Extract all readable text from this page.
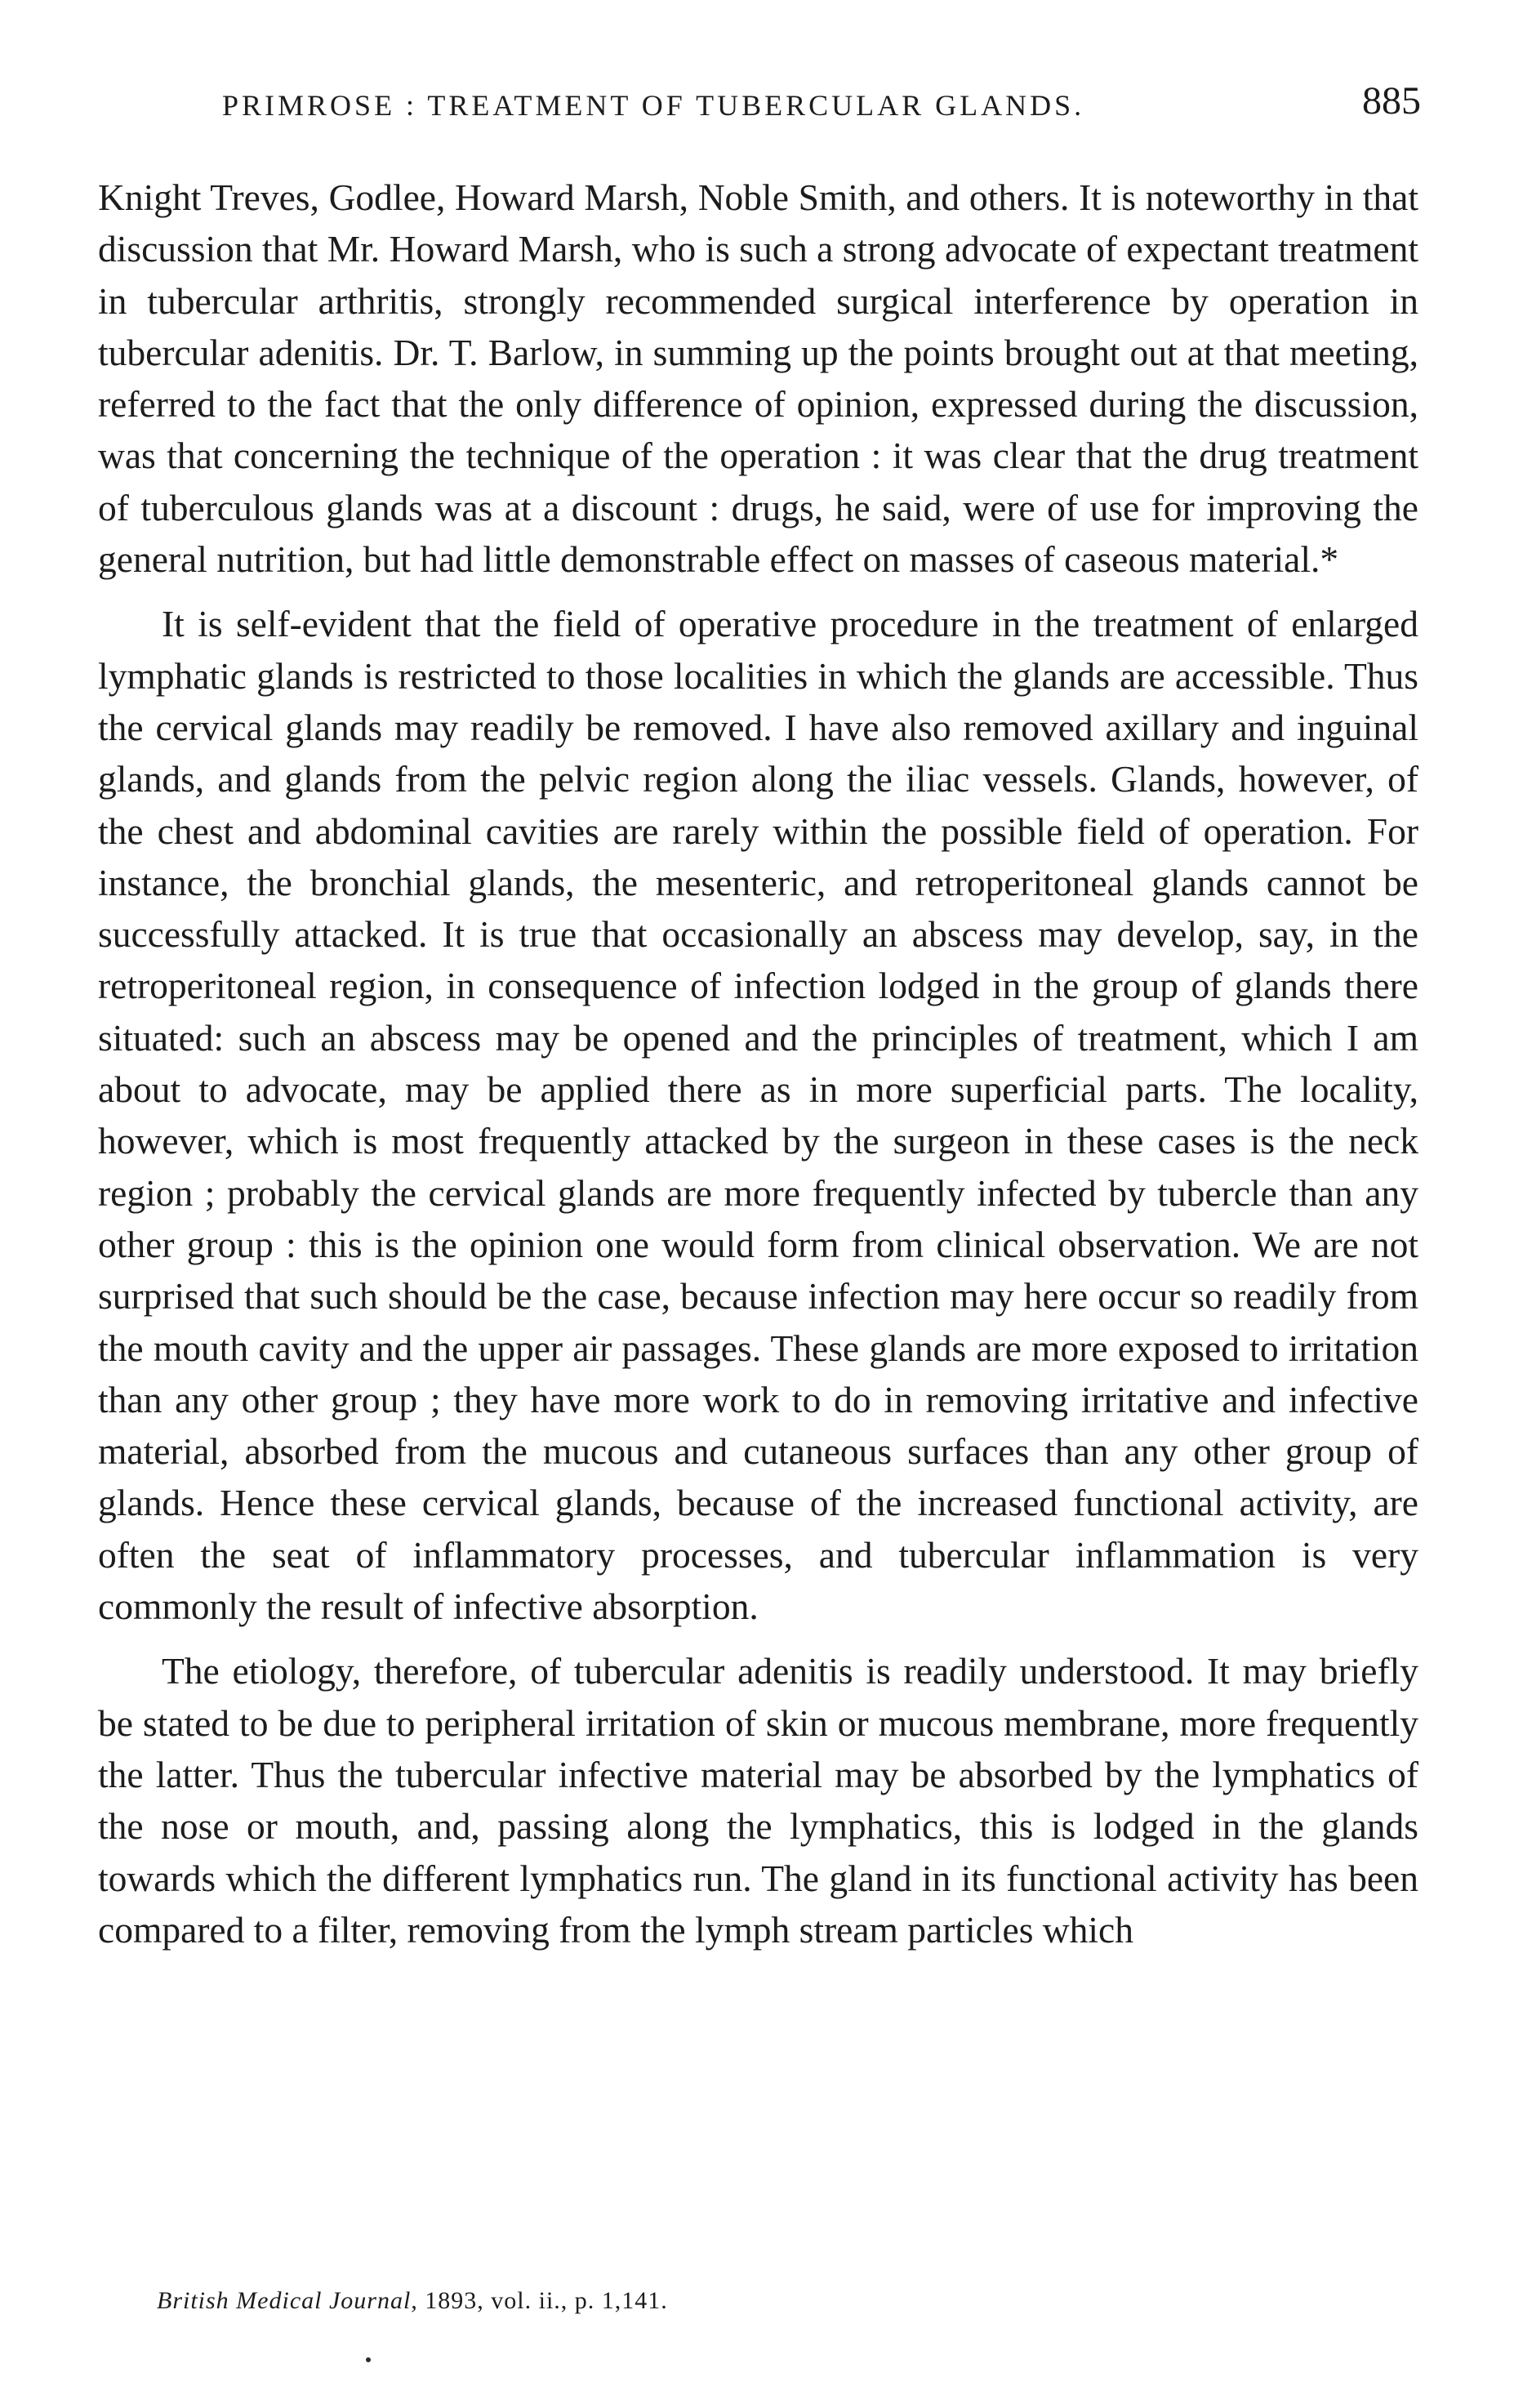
PRIMROSE : TREATMENT OF TUBERCULAR GLANDS.	885

Knight Treves, Godlee, Howard Marsh, Noble Smith, and others. It is noteworthy in that discussion that Mr. Howard Marsh, who is such a strong advocate of expectant treatment in tubercular arthritis, strongly recommended surgical interference by operation in tubercular adenitis. Dr. T. Barlow, in summing up the points brought out at that meeting, referred to the fact that the only difference of opinion, expressed during the discussion, was that concerning the technique of the operation : it was clear that the drug treatment of tuberculous glands was at a discount : drugs, he said, were of use for improving the general nutrition, but had little demonstrable effect on masses of caseous material.*

It is self-evident that the field of operative procedure in the treatment of enlarged lymphatic glands is restricted to those localities in which the glands are accessible. Thus the cervical glands may readily be removed. I have also removed axillary and inguinal glands, and glands from the pelvic region along the iliac vessels. Glands, however, of the chest and abdominal cavities are rarely within the possible field of operation. For instance, the bronchial glands, the mesenteric, and retroperitoneal glands cannot be successfully attacked. It is true that occasionally an abscess may develop, say, in the retroperitoneal region, in consequence of infection lodged in the group of glands there situated: such an abscess may be opened and the principles of treatment, which I am about to advocate, may be applied there as in more superficial parts. The locality, however, which is most frequently attacked by the surgeon in these cases is the neck region ; probably the cervical glands are more frequently infected by tubercle than any other group : this is the opinion one would form from clinical observation. We are not surprised that such should be the case, because infection may here occur so readily from the mouth cavity and the upper air passages. These glands are more exposed to irritation than any other group ; they have more work to do in removing irritative and infective material, absorbed from the mucous and cutaneous surfaces than any other group of glands. Hence these cervical glands, because of the increased functional activity, are often the seat of inflammatory processes, and tubercular inflammation is very commonly the result of infective absorption.

The etiology, therefore, of tubercular adenitis is readily understood. It may briefly be stated to be due to peripheral irritation of skin or mucous membrane, more frequently the latter. Thus the tubercular infective material may be absorbed by the lymphatics of the nose or mouth, and, passing along the lymphatics, this is lodged in the glands towards which the different lymphatics run. The gland in its functional activity has been compared to a filter, removing from the lymph stream particles which

British Medical Journal, 1893, vol. ii., p. 1,141.
